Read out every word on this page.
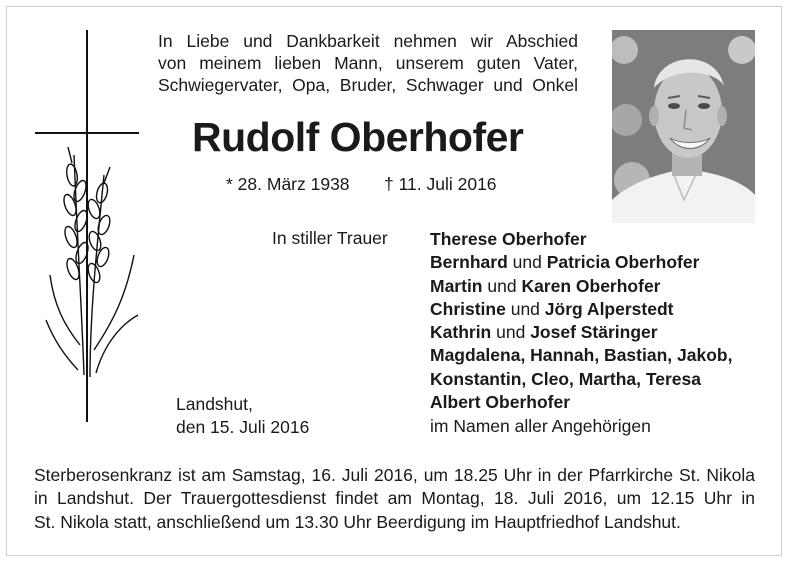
In Liebe und Dankbarkeit nehmen wir Abschied
von meinem lieben Mann, unserem guten Vater,
Schwiegervater, Opa, Bruder, Schwager und Onkel
Rudolf Oberhofer
* 28. März 1938 † 11. Juli 2016
In stiller Trauer Therese Oberhofer
Bernhard und Patricia Oberhofer
Martin und Karen Oberhofer
Christine und Jörg Alperstedt
Kathrin und Josef Stäringer
Magdalena, Hannah, Bastian, Jakob,
Konstantin, Cleo, Martha, Teresa
Albert Oberhofer
Landshut,
den 15. Juli 2016	im Namen aller Angehörigen
Sterberosenkranz ist am Samstag, 16. Juli 2016, um 18.25 Uhr in der Pfarrkirche St. Nikola
in Landshut. Der Trauergottesdienst findet am Montag, 18. Juli 2016, um 12.15 Uhr in
St. Nikola statt, anschließend um 13.30 Uhr Beerdigung im Hauptfriedhof Landshut.
